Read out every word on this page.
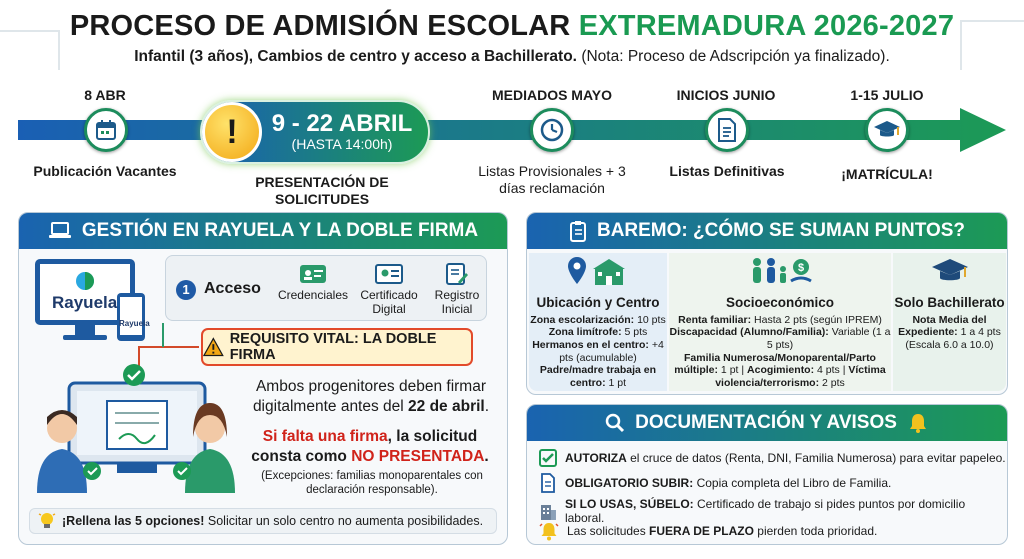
PROCESO DE ADMISIÓN ESCOLAR EXTREMADURA 2026-2027
Infantil (3 años), Cambios de centro y acceso a Bachillerato. (Nota: Proceso de Adscripción ya finalizado).
8 ABR
Publicación Vacantes
!	9 - 22 ABRIL
(HASTA 14:00h)
PRESENTACIÓN DE SOLICITUDES
MEDIADOS MAYO
Listas Provisionales + 3 días reclamación
INICIOS JUNIO
Listas Definitivas
1-15 JULIO
¡MATRÍCULA!
GESTIÓN EN RAYUELA Y LA DOBLE FIRMA
Rayuela
Rayuela
1 Acceso	Credenciales	Certificado Digital
Registro Inicial
REQUISITO VITAL: LA DOBLE FIRMA
Ambos progenitores deben firmar digitalmente antes del 22 de abril.
Si falta una firma, la solicitud consta como NO PRESENTADA.
(Excepciones: familias monoparentales con declaración responsable).
¡Rellena las 5 opciones! Solicitar un solo centro no aumenta posibilidades.
BAREMO: ¿CÓMO SE SUMAN PUNTOS?
Ubicación y Centro
Zona escolarización: 10 pts
Zona limítrofe: 5 pts
Hermanos en el centro: +4 pts (acumulable)
Padre/madre trabaja en centro: 1 pt
$
Socioeconómico
Renta familiar: Hasta 2 pts (según IPREM)
Discapacidad (Alumno/Familia): Variable (1 a 5 pts)
Familia Numerosa/Monoparental/Parto múltiple: 1 pt | Acogimiento: 4 pts | Víctima violencia/terrorismo: 2 pts
Solo Bachillerato
Nota Media del Expediente: 1 a 4 pts
(Escala 6.0 a 10.0)
DOCUMENTACIÓN Y AVISOS
AUTORIZA el cruce de datos (Renta, DNI, Familia Numerosa) para evitar papeleo.
OBLIGATORIO SUBIR: Copia completa del Libro de Familia.
SI LO USAS, SÚBELO: Certificado de trabajo si pides puntos por domicilio laboral.
Las solicitudes FUERA DE PLAZO pierden toda prioridad.
